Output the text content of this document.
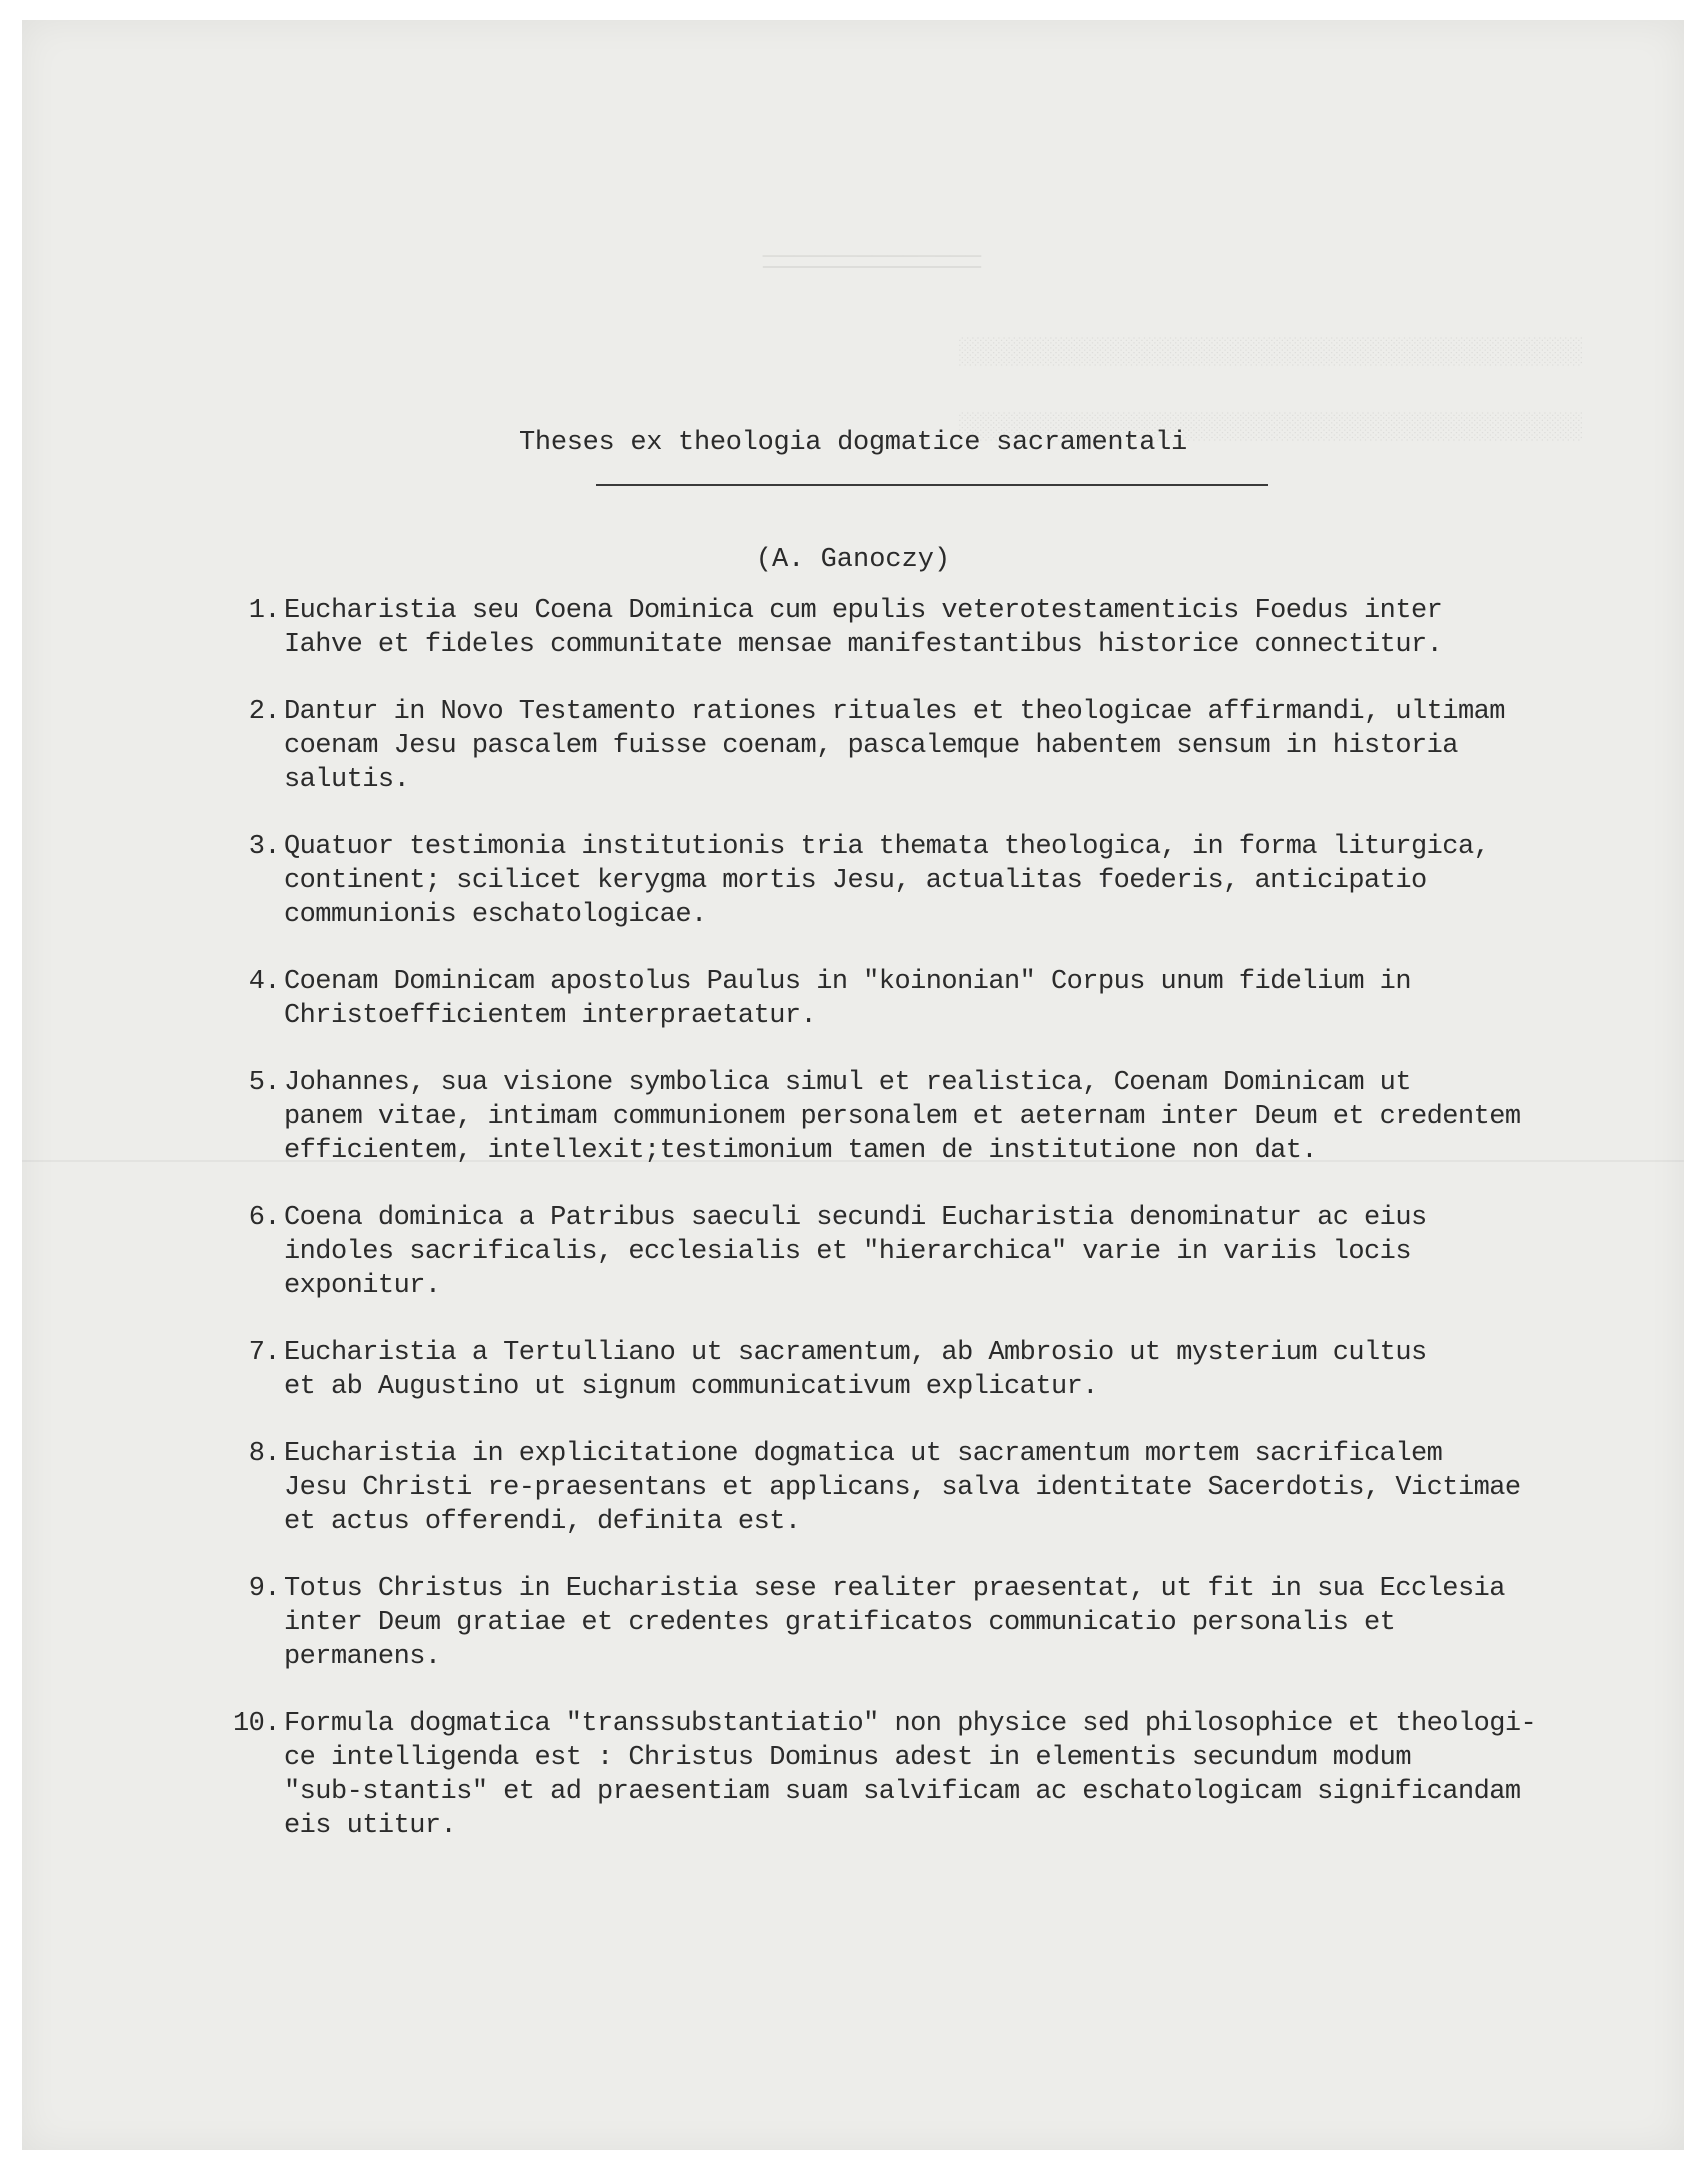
──────────────

░░░░░░░░░░░░░░░░░░░░░░░░░░░░░░░░░░░░░░░░

░░░░░░░░░░░░░░░░░░░░░░░░░░░░░░░░░░░░░░░░

Theses ex theologia dogmatice sacramentali
(A. Ganoczy)
1. Eucharistia seu Coena Dominica cum epulis veterotestamenticis Foedus inter
Iahve et fideles communitate mensae manifestantibus historice connectitur.
2. Dantur in Novo Testamento rationes rituales et theologicae affirmandi, ultimam
coenam Jesu pascalem fuisse coenam, pascalemque habentem sensum in historia
salutis.
3. Quatuor testimonia institutionis tria themata theologica, in forma liturgica,
continent; scilicet kerygma mortis Jesu, actualitas foederis, anticipatio
communionis eschatologicae.
4. Coenam Dominicam apostolus Paulus in "koinonian" Corpus unum fidelium in
Christoefficientem interpraetatur.
5. Johannes, sua visione symbolica simul et realistica, Coenam Dominicam ut
panem vitae, intimam communionem personalem et aeternam inter Deum et credentem
efficientem, intellexit;testimonium tamen de institutione non dat.
6. Coena dominica a Patribus saeculi secundi Eucharistia denominatur ac eius
indoles sacrificalis, ecclesialis et "hierarchica" varie in variis locis
exponitur.
7. Eucharistia a Tertulliano ut sacramentum, ab Ambrosio ut mysterium cultus
et ab Augustino ut signum communicativum explicatur.
8. Eucharistia in explicitatione dogmatica ut sacramentum mortem sacrificalem
Jesu Christi re-praesentans et applicans, salva identitate Sacerdotis, Victimae
et actus offerendi, definita est.
9. Totus Christus in Eucharistia sese realiter praesentat, ut fit in sua Ecclesia
inter Deum gratiae et credentes gratificatos communicatio personalis et
permanens.
10. Formula dogmatica "transsubstantiatio" non physice sed philosophice et theologi-
ce intelligenda est : Christus Dominus adest in elementis secundum modum
"sub-stantis" et ad praesentiam suam salvificam ac eschatologicam significandam
eis utitur.
